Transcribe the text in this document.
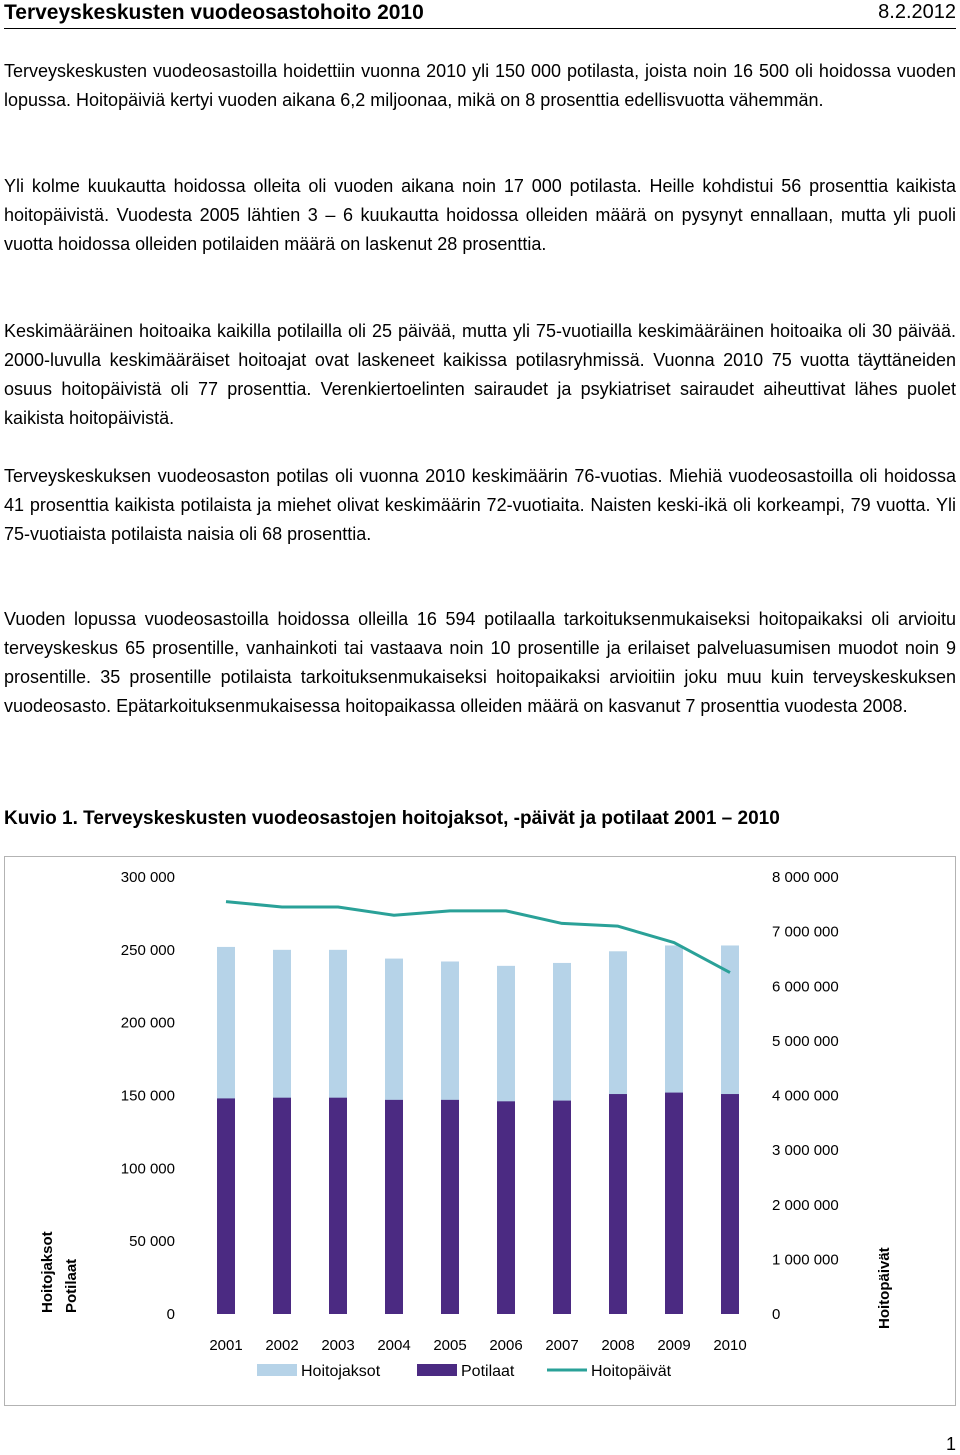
Terveyskeskusten vuodeosastohoito 2010	8.2.2012

Terveyskeskusten vuodeosastoilla hoidettiin vuonna 2010 yli 150 000 potilasta, joista noin 16 500 oli hoidossa vuoden lopussa. Hoitopäiviä kertyi vuoden aikana 6,2 miljoonaa, mikä on 8 prosenttia edellisvuotta vähemmän.

Yli kolme kuukautta hoidossa olleita oli vuoden aikana noin 17 000 potilasta. Heille kohdistui 56 prosenttia kaikista hoitopäivistä. Vuodesta 2005 lähtien 3 – 6 kuukautta hoidossa olleiden määrä on pysynyt ennallaan, mutta yli puoli vuotta hoidossa olleiden potilaiden määrä on laskenut 28 prosenttia.

Keskimääräinen hoitoaika kaikilla potilailla oli 25 päivää, mutta yli 75-vuotiailla keskimääräinen hoitoaika oli 30 päivää. 2000-luvulla keskimääräiset hoitoajat ovat laskeneet kaikissa potilasryhmissä. Vuonna 2010 75 vuotta täyttäneiden osuus hoitopäivistä oli 77 prosenttia. Verenkiertoelinten sairaudet ja psykiatriset sairaudet aiheuttivat lähes puolet kaikista hoitopäivistä.

Terveyskeskuksen vuodeosaston potilas oli vuonna 2010 keskimäärin 76-vuotias. Miehiä vuodeosastoilla oli hoidossa 41 prosenttia kaikista potilaista ja miehet olivat keskimäärin 72-vuotiaita. Naisten keski-ikä oli korkeampi, 79 vuotta. Yli 75-vuotiaista potilaista naisia oli 68 prosenttia.

Vuoden lopussa vuodeosastoilla hoidossa olleilla 16 594 potilaalla tarkoituksenmukaiseksi hoitopaikaksi oli arvioitu terveyskeskus 65 prosentille, vanhainkoti tai vastaava noin 10 prosentille ja erilaiset palveluasumisen muodot noin 9 prosentille. 35 prosentille potilaista tarkoituksenmukaiseksi hoitopaikaksi arvioitiin joku muu kuin terveyskeskuksen vuodeosasto. Epätarkoituksenmukaisessa hoitopaikassa olleiden määrä on kasvanut 7 prosenttia vuodesta 2008.

Kuvio 1. Terveyskeskusten vuodeosastojen hoitojaksot, -päivät ja potilaat 2001 – 2010
0
50 000
100 000
150 000
200 000
250 000
300 000
0
1 000 000
2 000 000
3 000 000
4 000 000
5 000 000
6 000 000
7 000 000
8 000 000
2001 2002 2003 2004 2005 2006 2007 2008 2009 2010
Hoitojaksot Potilaat	Hoitopäivät
Hoitojaksot	Potilaat	Hoitopäivät
1
